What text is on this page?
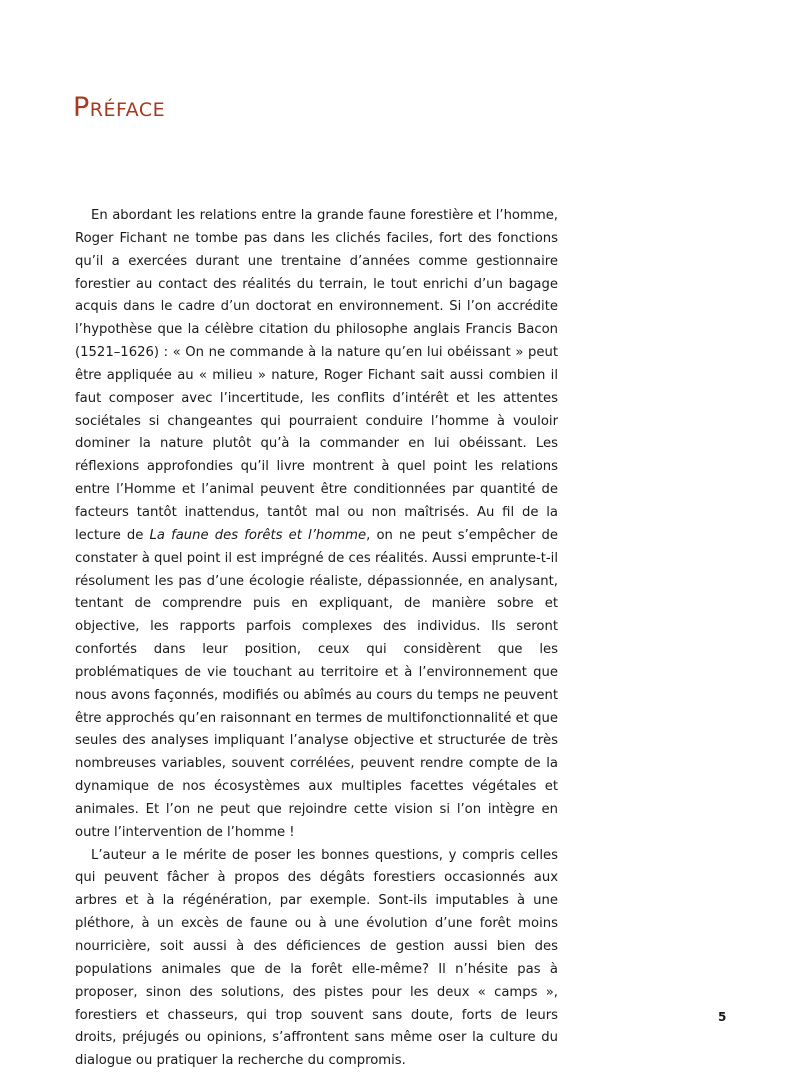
Préface

En abordant les relations entre la grande faune forestière et l’homme, Roger Fichant ne tombe pas dans les clichés faciles, fort des fonctions qu’il a exercées durant une trentaine d’années comme gestionnaire forestier au contact des réalités du terrain, le tout enrichi d’un bagage acquis dans le cadre d’un doctorat en environnement. Si l’on accrédite l’hypothèse que la célèbre citation du philosophe anglais Francis Bacon (1521–1626) : « On ne commande à la nature qu’en lui obéissant » peut être appliquée au « milieu » nature, Roger Fichant sait aussi combien il faut composer avec l’incertitude, les conflits d’intérêt et les attentes sociétales si changeantes qui pourraient conduire l’homme à vouloir dominer la nature plutôt qu’à la commander en lui obéissant. Les réflexions approfondies qu’il livre montrent à quel point les relations entre l’Homme et l’animal peuvent être conditionnées par quantité de facteurs tantôt inattendus, tantôt mal ou non maîtrisés. Au fil de la lecture de La faune des forêts et l’homme, on ne peut s’empêcher de constater à quel point il est imprégné de ces réalités. Aussi emprunte-t-il résolument les pas d’une écologie réaliste, dépassionnée, en analysant, tentant de comprendre puis en expliquant, de manière sobre et objective, les rapports parfois complexes des individus. Ils seront confortés dans leur position, ceux qui considèrent que les problématiques de vie touchant au territoire et à l’environnement que nous avons façonnés, modifiés ou abîmés au cours du temps ne peuvent être approchés qu’en raisonnant en termes de multifonctionnalité et que seules des analyses impliquant l’analyse objective et structurée de très nombreuses variables, souvent corrélées, peuvent rendre compte de la dynamique de nos écosystèmes aux multiples facettes végétales et animales. Et l’on ne peut que rejoindre cette vision si l’on intègre en outre l’intervention de l’homme !

L’auteur a le mérite de poser les bonnes questions, y compris celles qui peuvent fâcher à propos des dégâts forestiers occasionnés aux arbres et à la régénération, par exemple. Sont-ils imputables à une pléthore, à un excès de faune ou à une évolution d’une forêt moins nourricière, soit aussi à des déficiences de gestion aussi bien des populations animales que de la forêt elle-même? Il n’hésite pas à proposer, sinon des solutions, des pistes pour les deux « camps », forestiers et chasseurs, qui trop souvent sans doute, forts de leurs droits, préjugés ou opinions, s’affrontent sans même oser la culture du dialogue ou pratiquer la recherche du compromis.

5
